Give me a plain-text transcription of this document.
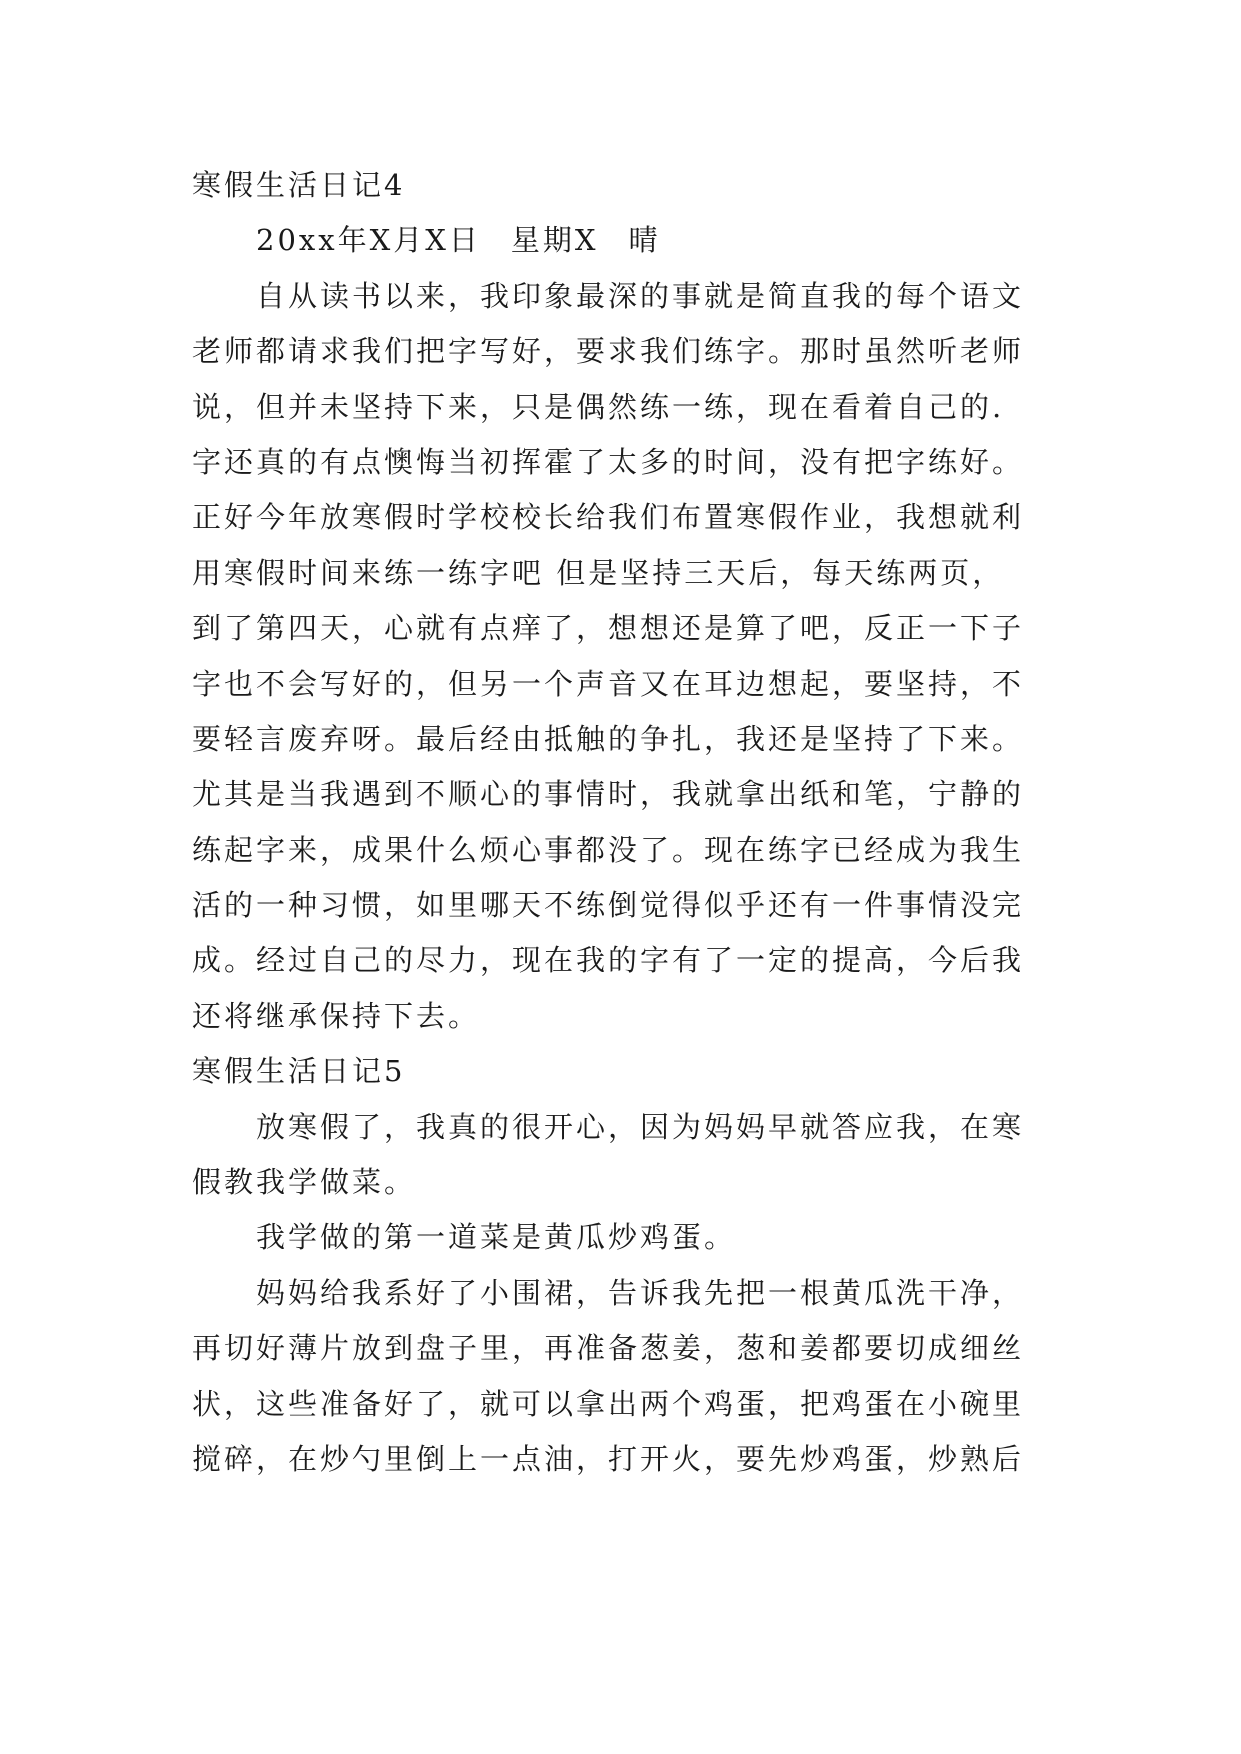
寒假生活日记4
20xx年X月X日 星期X 晴
自从读书以来，我印象最深的事就是简直我的每个语文
老师都请求我们把字写好，要求我们练字。那时虽然听老师
说，但并未坚持下来，只是偶然练一练，现在看着自己的.
字还真的有点懊悔当初挥霍了太多的时间，没有把字练好。
正好今年放寒假时学校校长给我们布置寒假作业，我想就利
用寒假时间来练一练字吧 但是坚持三天后，每天练两页，
到了第四天，心就有点痒了，想想还是算了吧，反正一下子
字也不会写好的，但另一个声音又在耳边想起，要坚持，不
要轻言废弃呀。最后经由抵触的争扎，我还是坚持了下来。
尤其是当我遇到不顺心的事情时，我就拿出纸和笔，宁静的
练起字来，成果什么烦心事都没了。现在练字已经成为我生
活的一种习惯，如里哪天不练倒觉得似乎还有一件事情没完
成。经过自己的尽力，现在我的字有了一定的提高，今后我
还将继承保持下去。
寒假生活日记5
放寒假了，我真的很开心，因为妈妈早就答应我，在寒
假教我学做菜。
我学做的第一道菜是黄瓜炒鸡蛋。
妈妈给我系好了小围裙，告诉我先把一根黄瓜洗干净，
再切好薄片放到盘子里，再准备葱姜，葱和姜都要切成细丝
状，这些准备好了，就可以拿出两个鸡蛋，把鸡蛋在小碗里
搅碎，在炒勺里倒上一点油，打开火，要先炒鸡蛋，炒熟后
